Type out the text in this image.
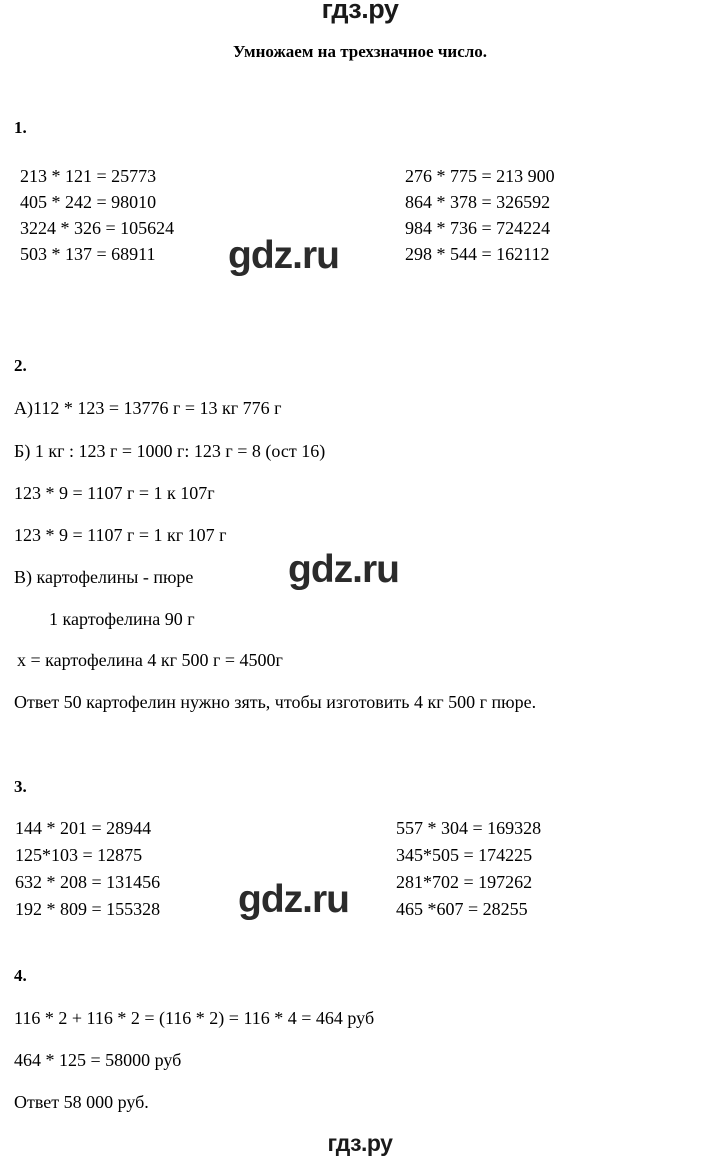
гдз.ру
Умножаем на трехзначное число.
1.
213 * 121 = 25773
405 * 242 = 98010
3224 * 326 = 105624
503 * 137 = 68911
276 * 775 = 213 900
864 * 378 = 326592
984 * 736 = 724224
298 * 544 = 162112
2.
А)112 * 123 = 13776 г = 13 кг 776 г
Б) 1 кг : 123 г = 1000 г: 123 г = 8 (ост 16)
123 * 9 = 1107 г = 1 к 107г
123 * 9 = 1107 г = 1 кг 107 г
В) картофелины - пюре
1 картофелина 90 г
х = картофелина 4 кг 500 г = 4500г
Ответ 50 картофелин нужно зять, чтобы изготовить 4 кг 500 г пюре.
3.
144 * 201 = 28944
125*103 = 12875
632 * 208 = 131456
192 * 809 = 155328
557 * 304 = 169328
345*505 = 174225
281*702 = 197262
465 *607 = 28255
4.
116 * 2 + 116 * 2 = (116 * 2) = 116 * 4 = 464 руб
464 * 125 = 58000 руб
Ответ 58 000 руб.
gdz.ru
gdz.ru
gdz.ru
гдз.ру
